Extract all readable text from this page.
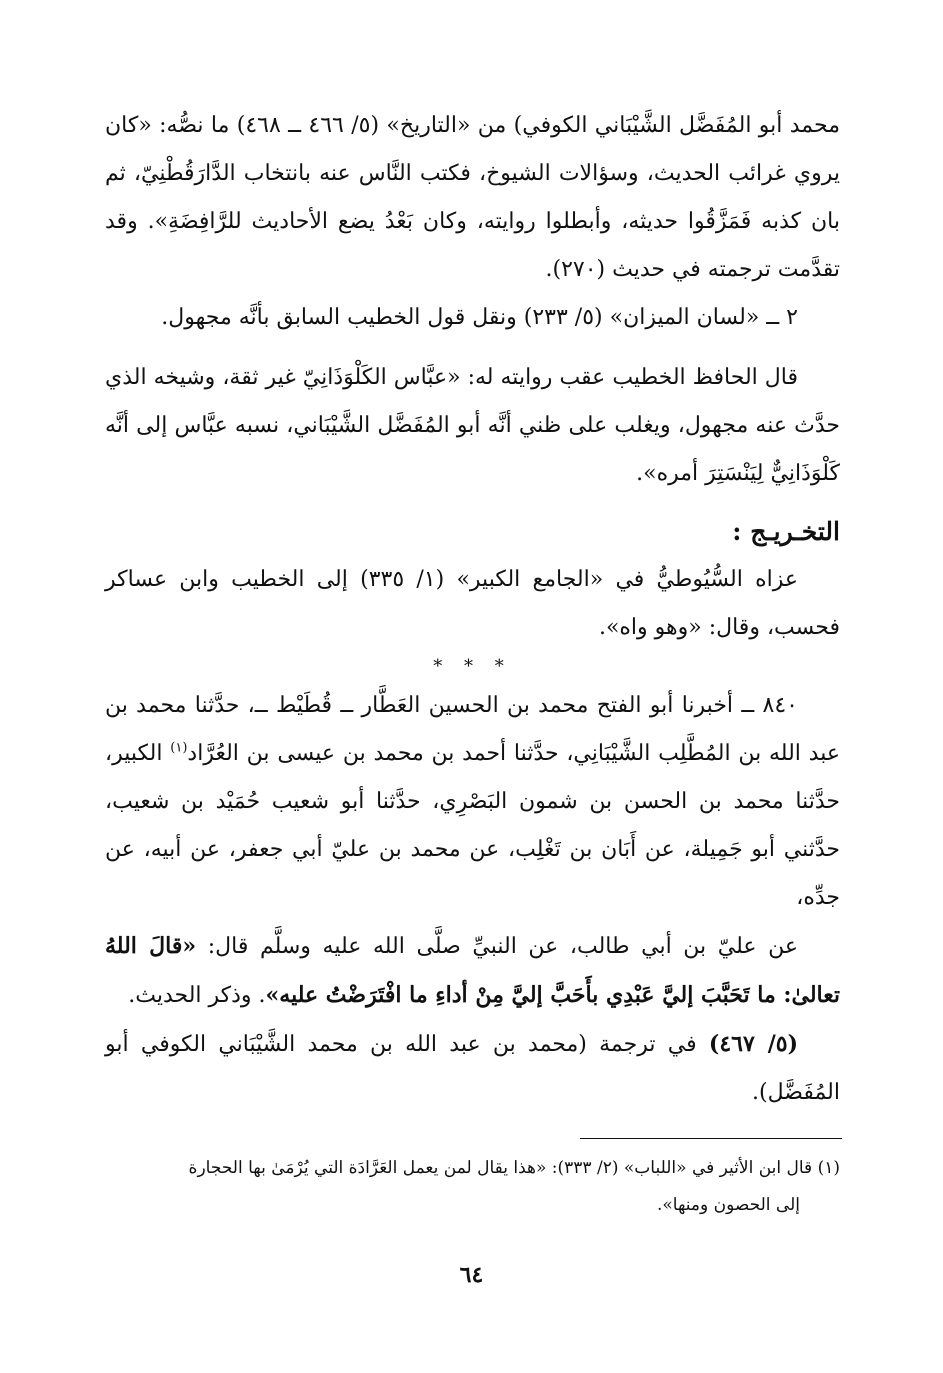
محمد أبو المُفَضَّل الشَّيْبَاني الكوفي) من «التاريخ» (٥/ ٤٦٦ ــ ٤٦٨) ما نصُّه: «كان يروي غرائب الحديث، وسؤالات الشيوخ، فكتب النَّاس عنه بانتخاب الدَّارَقُطْنِيّ، ثم بان كذبه فَمَزَّقُوا حديثه، وأبطلوا روايته، وكان بَعْدُ يضع الأحاديث للرَّافِضَةِ». وقد تقدَّمت ترجمته في حديث (٢٧٠).

٢ ــ «لسان الميزان» (٥/ ٢٣٣) ونقل قول الخطيب السابق بأنَّه مجهول.

قال الحافظ الخطيب عقب روايته له: «عبَّاس الكَلْوَذَانِيّ غير ثقة، وشيخه الذي حدَّث عنه مجهول، ويغلب على ظني أنَّه أبو المُفَضَّل الشَّيْبَاني، نسبه عبَّاس إلى أنَّه كَلْوَذَانِيٌّ لِيَنْسَتِرَ أمره».

التخـريـج :

عزاه السُّيُوطيُّ في «الجامع الكبير» (١/ ٣٣٥) إلى الخطيب وابن عساكر فحسب، وقال: «وهو واه».

* * *

٨٤٠ ــ أخبرنا أبو الفتح محمد بن الحسين العَطَّار ــ قُطَيْط ــ، حدَّثنا محمد بن عبد الله بن المُطَّلِب الشَّيْبَانِي، حدَّثنا أحمد بن محمد بن عيسى بن العُرَّاد$^{(١)}$ الكبير، حدَّثنا محمد بن الحسن بن شمون البَصْرِي، حدَّثنا أبو شعيب حُمَيْد بن شعيب، حدَّثني أبو جَمِيلة، عن أَبَان بن تَغْلِب، عن محمد بن عليّ أبي جعفر، عن أبيه، عن جدِّه،

عن عليّ بن أبي طالب، عن النبيِّ صلَّى الله عليه وسلَّم قال: «قالَ اللهُ تعالىٰ: ما تَحَبَّبَ إليَّ عَبْدِي بأَحَبَّ إليَّ مِنْ أداءِ ما افْتَرَضْتُ عليه». وذكر الحديث.

(٥/ ٤٦٧) في ترجمة (محمد بن عبد الله بن محمد الشَّيْبَاني الكوفي أبو المُفَضَّل).

(١) قال ابن الأثير في «اللباب» (٢/ ٣٣٣): «هذا يقال لمن يعمل العَرَّادَة التي يُرْمَىٰ بها الحجارة

إلى الحصون ومنها».

٦٤
